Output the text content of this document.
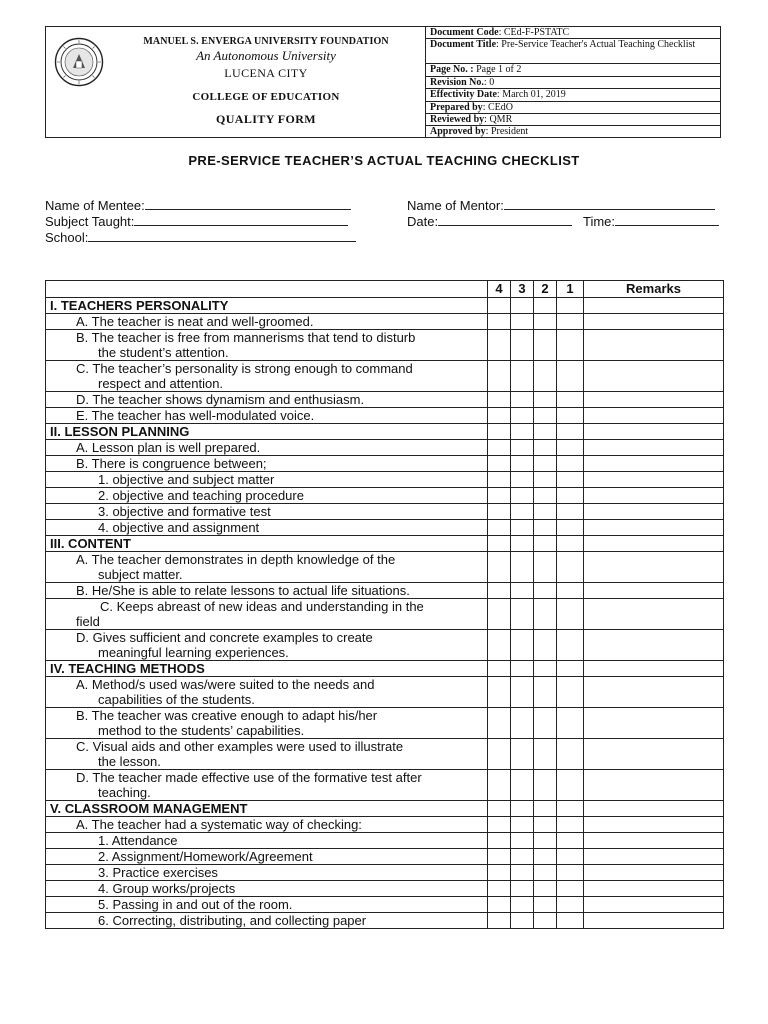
MANUEL S. ENVERGA UNIVERSITY FOUNDATION
An Autonomous University
LUCENA CITY
COLLEGE OF EDUCATION
QUALITY FORM
Document Code: CEd-F-PSTATC
Document Title: Pre-Service Teacher's Actual Teaching Checklist
Page No. : Page 1 of 2
Revision No.: 0
Effectivity Date: March 01, 2019
Prepared by: CEdO
Reviewed by: QMR
Approved by: President
PRE-SERVICE TEACHER’S ACTUAL TEACHING CHECKLIST
Name of Mentee:
Subject Taught:
School:
Name of Mentor:
Date:	Time:
	4	3	2	1	Remarks
I. TEACHERS PERSONALITY					
A. The teacher is neat and well-groomed.					
B. The teacher is free from mannerisms that tend to disturb
the student’s attention.					

C. The teacher’s personality is strong enough to command
respect and attention.					

D. The teacher shows dynamism and enthusiasm.					
E. The teacher has well-modulated voice.					
II. LESSON PLANNING					
A. Lesson plan is well prepared.					
B. There is congruence between;					
1. objective and subject matter					
2. objective and teaching procedure					
3. objective and formative test					
4. objective and assignment					
III. CONTENT					
A. The teacher demonstrates in depth knowledge of the
subject matter.					

B. He/She is able to relate lessons to actual life situations.					

C. Keeps abreast of new ideas and understanding in the
field					

D. Gives sufficient and concrete examples to create
meaningful learning experiences.					

IV. TEACHING METHODS					
A. Method/s used was/were suited to the needs and
capabilities of the students.					

B. The teacher was creative enough to adapt his/her
method to the students’ capabilities.					

C. Visual aids and other examples were used to illustrate
the lesson.					

D. The teacher made effective use of the formative test after
teaching.					

V. CLASSROOM MANAGEMENT					
A. The teacher had a systematic way of checking:					
1. Attendance					
2. Assignment/Homework/Agreement					
3. Practice exercises					
4. Group works/projects					
5. Passing in and out of the room.					
6. Correcting, distributing, and collecting paper					
